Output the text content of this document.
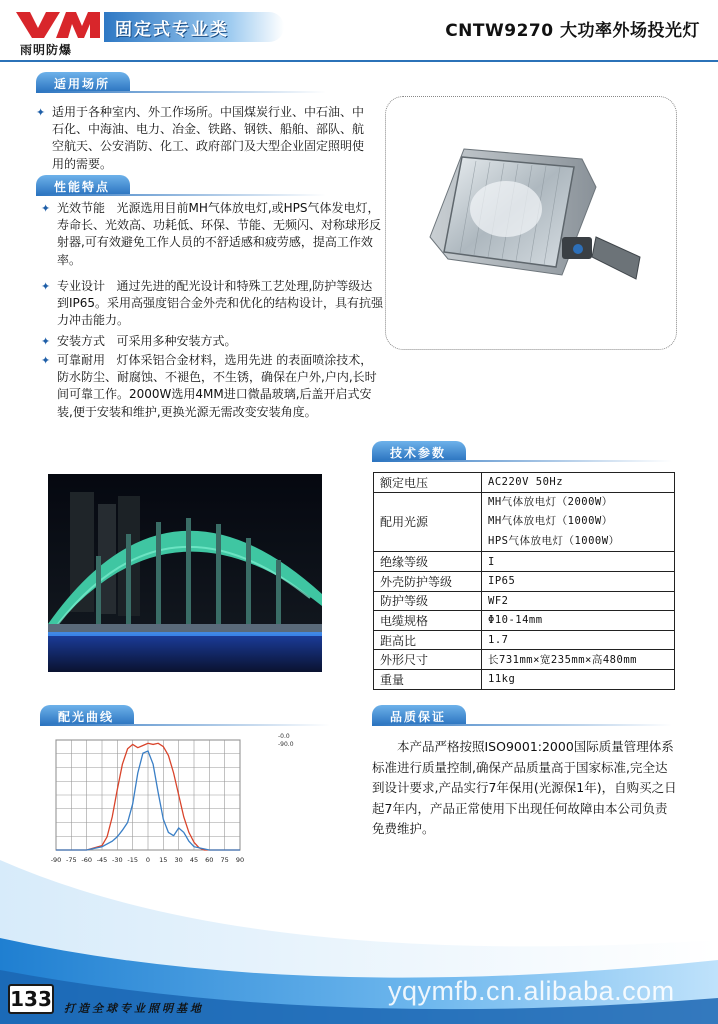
YM
雨明防爆
固定式专业类	CNTW9270 大功率外场投光灯
适用场所
✦ 适用于各种室内、外工作场所。中国煤炭行业、中石油、中石化、中海油、电力、冶金、铁路、钢铁、船舶、部队、航空航天、公安消防、化工、政府部门及大型企业固定照明使用的需要。
性能特点
✦ 光效节能 光源选用目前MH气体放电灯,或HPS气体发电灯，寿命长、光效高、功耗低、环保、节能、无频闪、对称球形反射器,可有效避免工作人员的不舒适感和疲劳感，提高工作效率。
✦ 专业设计 通过先进的配光设计和特殊工艺处理,防护等级达到IP65。采用高强度铝合金外壳和优化的结构设计，具有抗强力冲击能力。
✦ 安装方式 可采用多种安装方式。
✦ 可靠耐用 灯体采铝合金材料，选用先进 的表面喷涂技术，防水防尘、耐腐蚀、不褪色，不生锈，确保在户外,户内,长时间可靠工作。2000W选用4MM进口微晶玻璃,后盖开启式安装,便于安装和维护,更换光源无需改变安装角度。
技术参数
额定电压	AC220V 50Hz
配用光源	MH气体放电灯（2000W）
MH气体放电灯（1000W）
HPS气体放电灯（1000W）

绝缘等级	I
外壳防护等级	IP65
防护等级	WF2
电缆规格	Φ10-14mm
距高比	1.7
外形尺寸	长731mm×宽235mm×高480mm
重量	11kg
配光曲线
-90 -75 -60 -45 -30 -15 0 15 30 45 60 75 90
-0.0
-90.0
品质保证
本产品严格按照ISO9001:2000国际质量管理体系标准进行质量控制,确保产品质量高于国家标准,完全达到设计要求,产品实行7年保用(光源保1年)，自购买之日起7年内，产品正常使用下出现任何故障由本公司负责免费维护。
133 打造全球专业照明基地
yqymfb.cn.alibaba.com
